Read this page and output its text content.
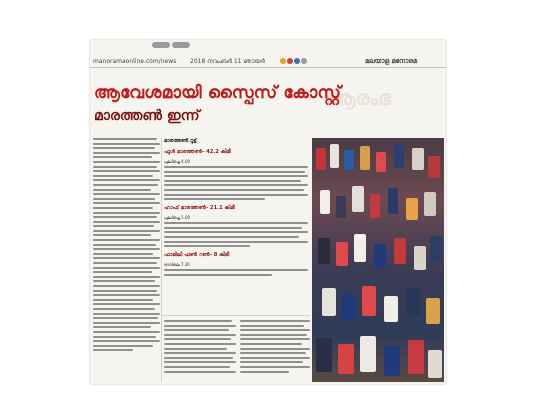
manoramaonline.com/news 2018 നവംബർ 11 ഞായർ	മലയാള മനോരമ
ആരംഭ
ആവേശമായി സ്പൈസ് കോസ്റ്റ്
മാരത്തൺ ഇന്ന്
മാരത്തൺ റൂട്ട്
ഫുൾ മാരത്തൺ- 42.2 കിമീ
പുലർച്ചെ 4.00
ഹാഫ് മാരത്തൺ- 21.1 കിമീ
പുലർച്ചെ 5.00
ഫാമിലി ഫൺ റൺ- 8 കിമീ
രാവിലെ 7.30
